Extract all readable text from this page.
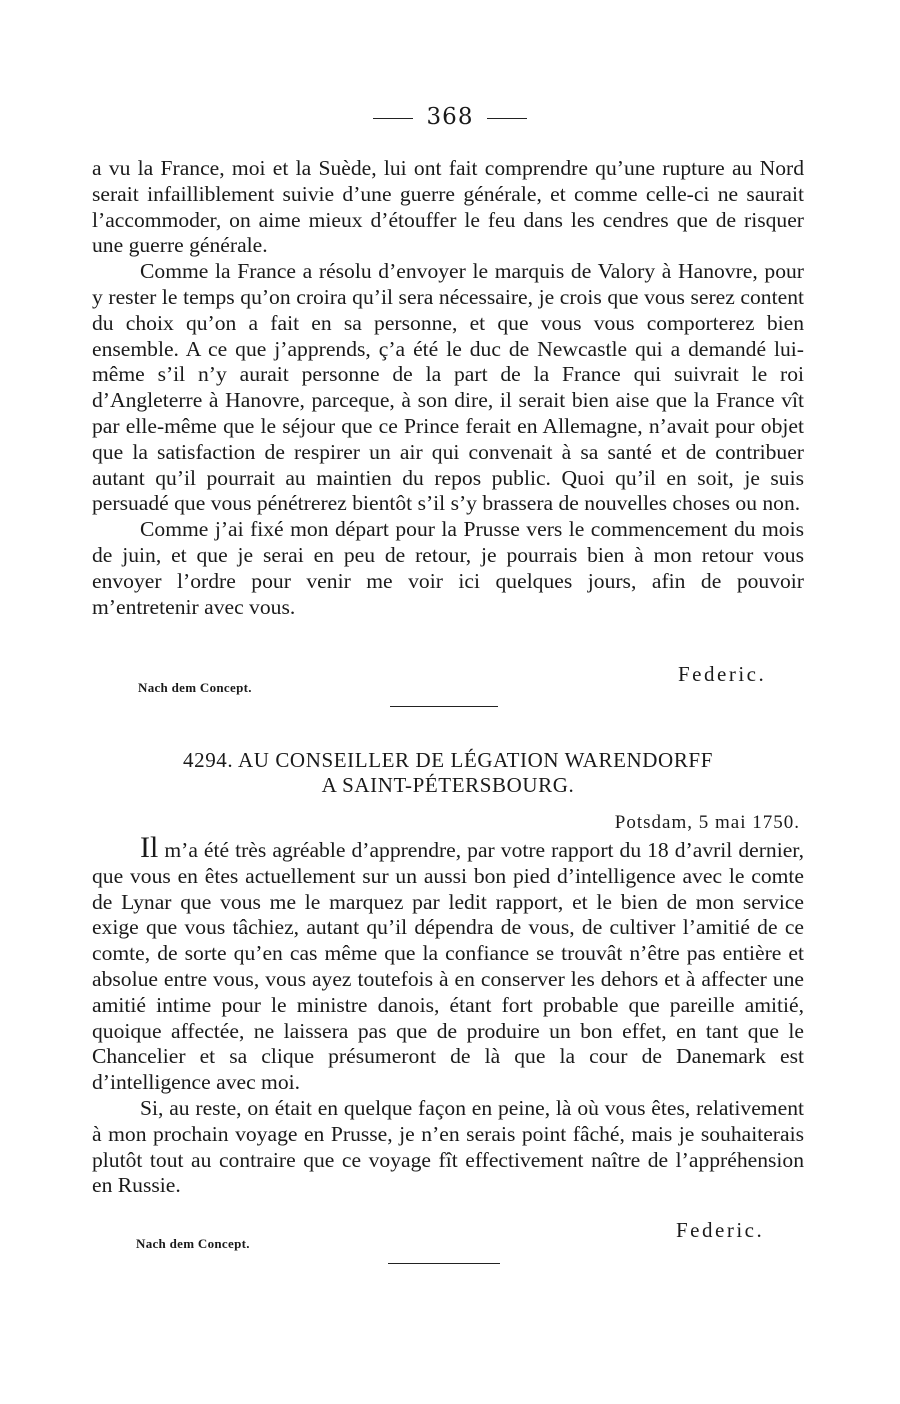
368

a vu la France, moi et la Suède, lui ont fait comprendre qu’une rupture au Nord serait infailliblement suivie d’une guerre générale, et comme celle-ci ne saurait l’accommoder, on aime mieux d’étouffer le feu dans les cendres que de risquer une guerre générale.

Comme la France a résolu d’envoyer le marquis de Valory à Hanovre, pour y rester le temps qu’on croira qu’il sera nécessaire, je crois que vous serez content du choix qu’on a fait en sa personne, et que vous vous comporterez bien ensemble. A ce que j’apprends, ç’a été le duc de Newcastle qui a demandé lui-même s’il n’y aurait personne de la part de la France qui suivrait le roi d’Angleterre à Hanovre, parceque, à son dire, il serait bien aise que la France vît par elle-même que le séjour que ce Prince ferait en Allemagne, n’avait pour objet que la satisfaction de respirer un air qui convenait à sa santé et de contribuer autant qu’il pourrait au maintien du repos public. Quoi qu’il en soit, je suis persuadé que vous pénétrerez bientôt s’il s’y brassera de nouvelles choses ou non.

Comme j’ai fixé mon départ pour la Prusse vers le commencement du mois de juin, et que je serai en peu de retour, je pourrais bien à mon retour vous envoyer l’ordre pour venir me voir ici quelques jours, afin de pouvoir m’entretenir avec vous.

Federic.
Nach dem Concept.
4294. AU CONSEILLER DE LÉGATION WARENDORFF
A SAINT-PÉTERSBOURG.
Potsdam, 5 mai 1750.

Il m’a été très agréable d’apprendre, par votre rapport du 18 d’avril dernier, que vous en êtes actuellement sur un aussi bon pied d’intelligence avec le comte de Lynar que vous me le marquez par ledit rapport, et le bien de mon service exige que vous tâchiez, autant qu’il dépendra de vous, de cultiver l’amitié de ce comte, de sorte qu’en cas même que la confiance se trouvât n’être pas entière et absolue entre vous, vous ayez toutefois à en conserver les dehors et à affecter une amitié intime pour le ministre danois, étant fort probable que pareille amitié, quoique affectée, ne laissera pas que de produire un bon effet, en tant que le Chancelier et sa clique présumeront de là que la cour de Danemark est d’intelligence avec moi.

Si, au reste, on était en quelque façon en peine, là où vous êtes, relativement à mon prochain voyage en Prusse, je n’en serais point fâché, mais je souhaiterais plutôt tout au contraire que ce voyage fît effectivement naître de l’appréhension en Russie.

Federic.
Nach dem Concept.
